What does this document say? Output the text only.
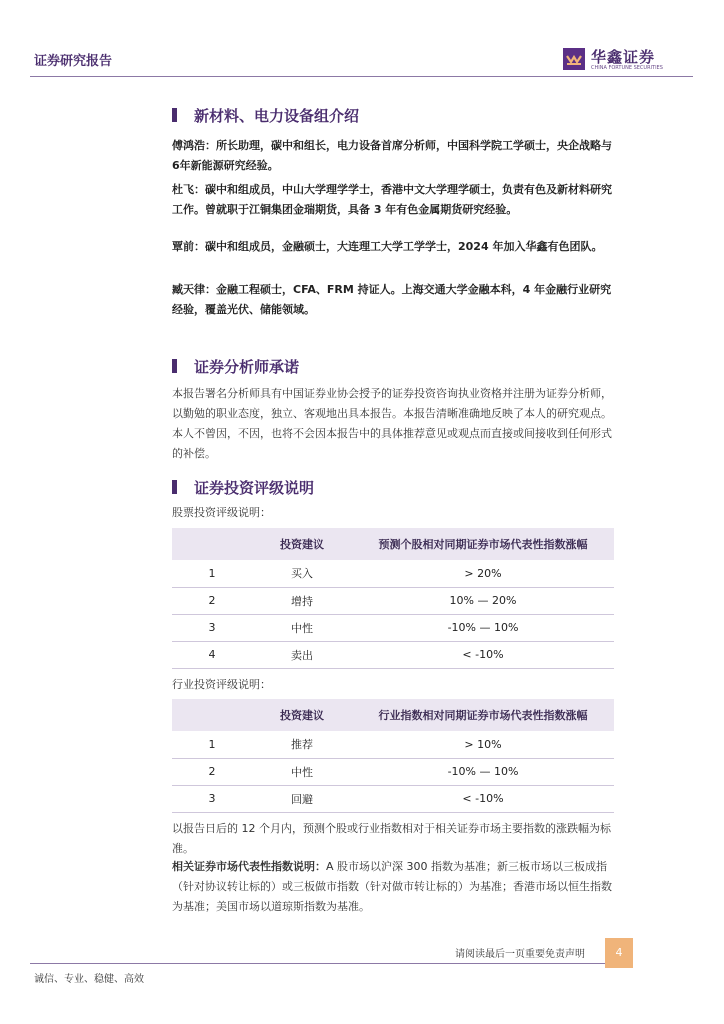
证券研究报告	华鑫证券
CHINA FORTUNE SECURITIES
新材料、电力设备组介绍
傅鸿浩：所长助理，碳中和组长，电力设备首席分析师，中国科学院工学硕士，央企战略与6年新能源研究经验。
杜飞：碳中和组成员，中山大学理学学士，香港中文大学理学硕士，负责有色及新材料研究工作。曾就职于江铜集团金瑞期货，具备 3 年有色金属期货研究经验。
覃前：碳中和组成员，金融硕士，大连理工大学工学学士，2024 年加入华鑫有色团队。
臧天律：金融工程硕士，CFA、FRM 持证人。上海交通大学金融本科，4 年金融行业研究经验，覆盖光伏、储能领域。
证券分析师承诺
本报告署名分析师具有中国证券业协会授予的证券投资咨询执业资格并注册为证券分析师，以勤勉的职业态度，独立、客观地出具本报告。本报告清晰准确地反映了本人的研究观点。本人不曾因，不因，也将不会因本报告中的具体推荐意见或观点而直接或间接收到任何形式的补偿。
证券投资评级说明
股票投资评级说明：
	投资建议	预测个股相对同期证券市场代表性指数涨幅
1	买入	> 20%
2	增持	10% — 20%
3	中性	-10% — 10%
4	卖出	< -10%
行业投资评级说明：
	投资建议	行业指数相对同期证券市场代表性指数涨幅
1	推荐	> 10%
2	中性	-10% — 10%
3	回避	< -10%
以报告日后的 12 个月内，预测个股或行业指数相对于相关证券市场主要指数的涨跌幅为标准。
相关证券市场代表性指数说明：A 股市场以沪深 300 指数为基准；新三板市场以三板成指（针对协议转让标的）或三板做市指数（针对做市转让标的）为基准；香港市场以恒生指数为基准；美国市场以道琼斯指数为基准。
请阅读最后一页重要免责声明	4
诚信、专业、稳健、高效
